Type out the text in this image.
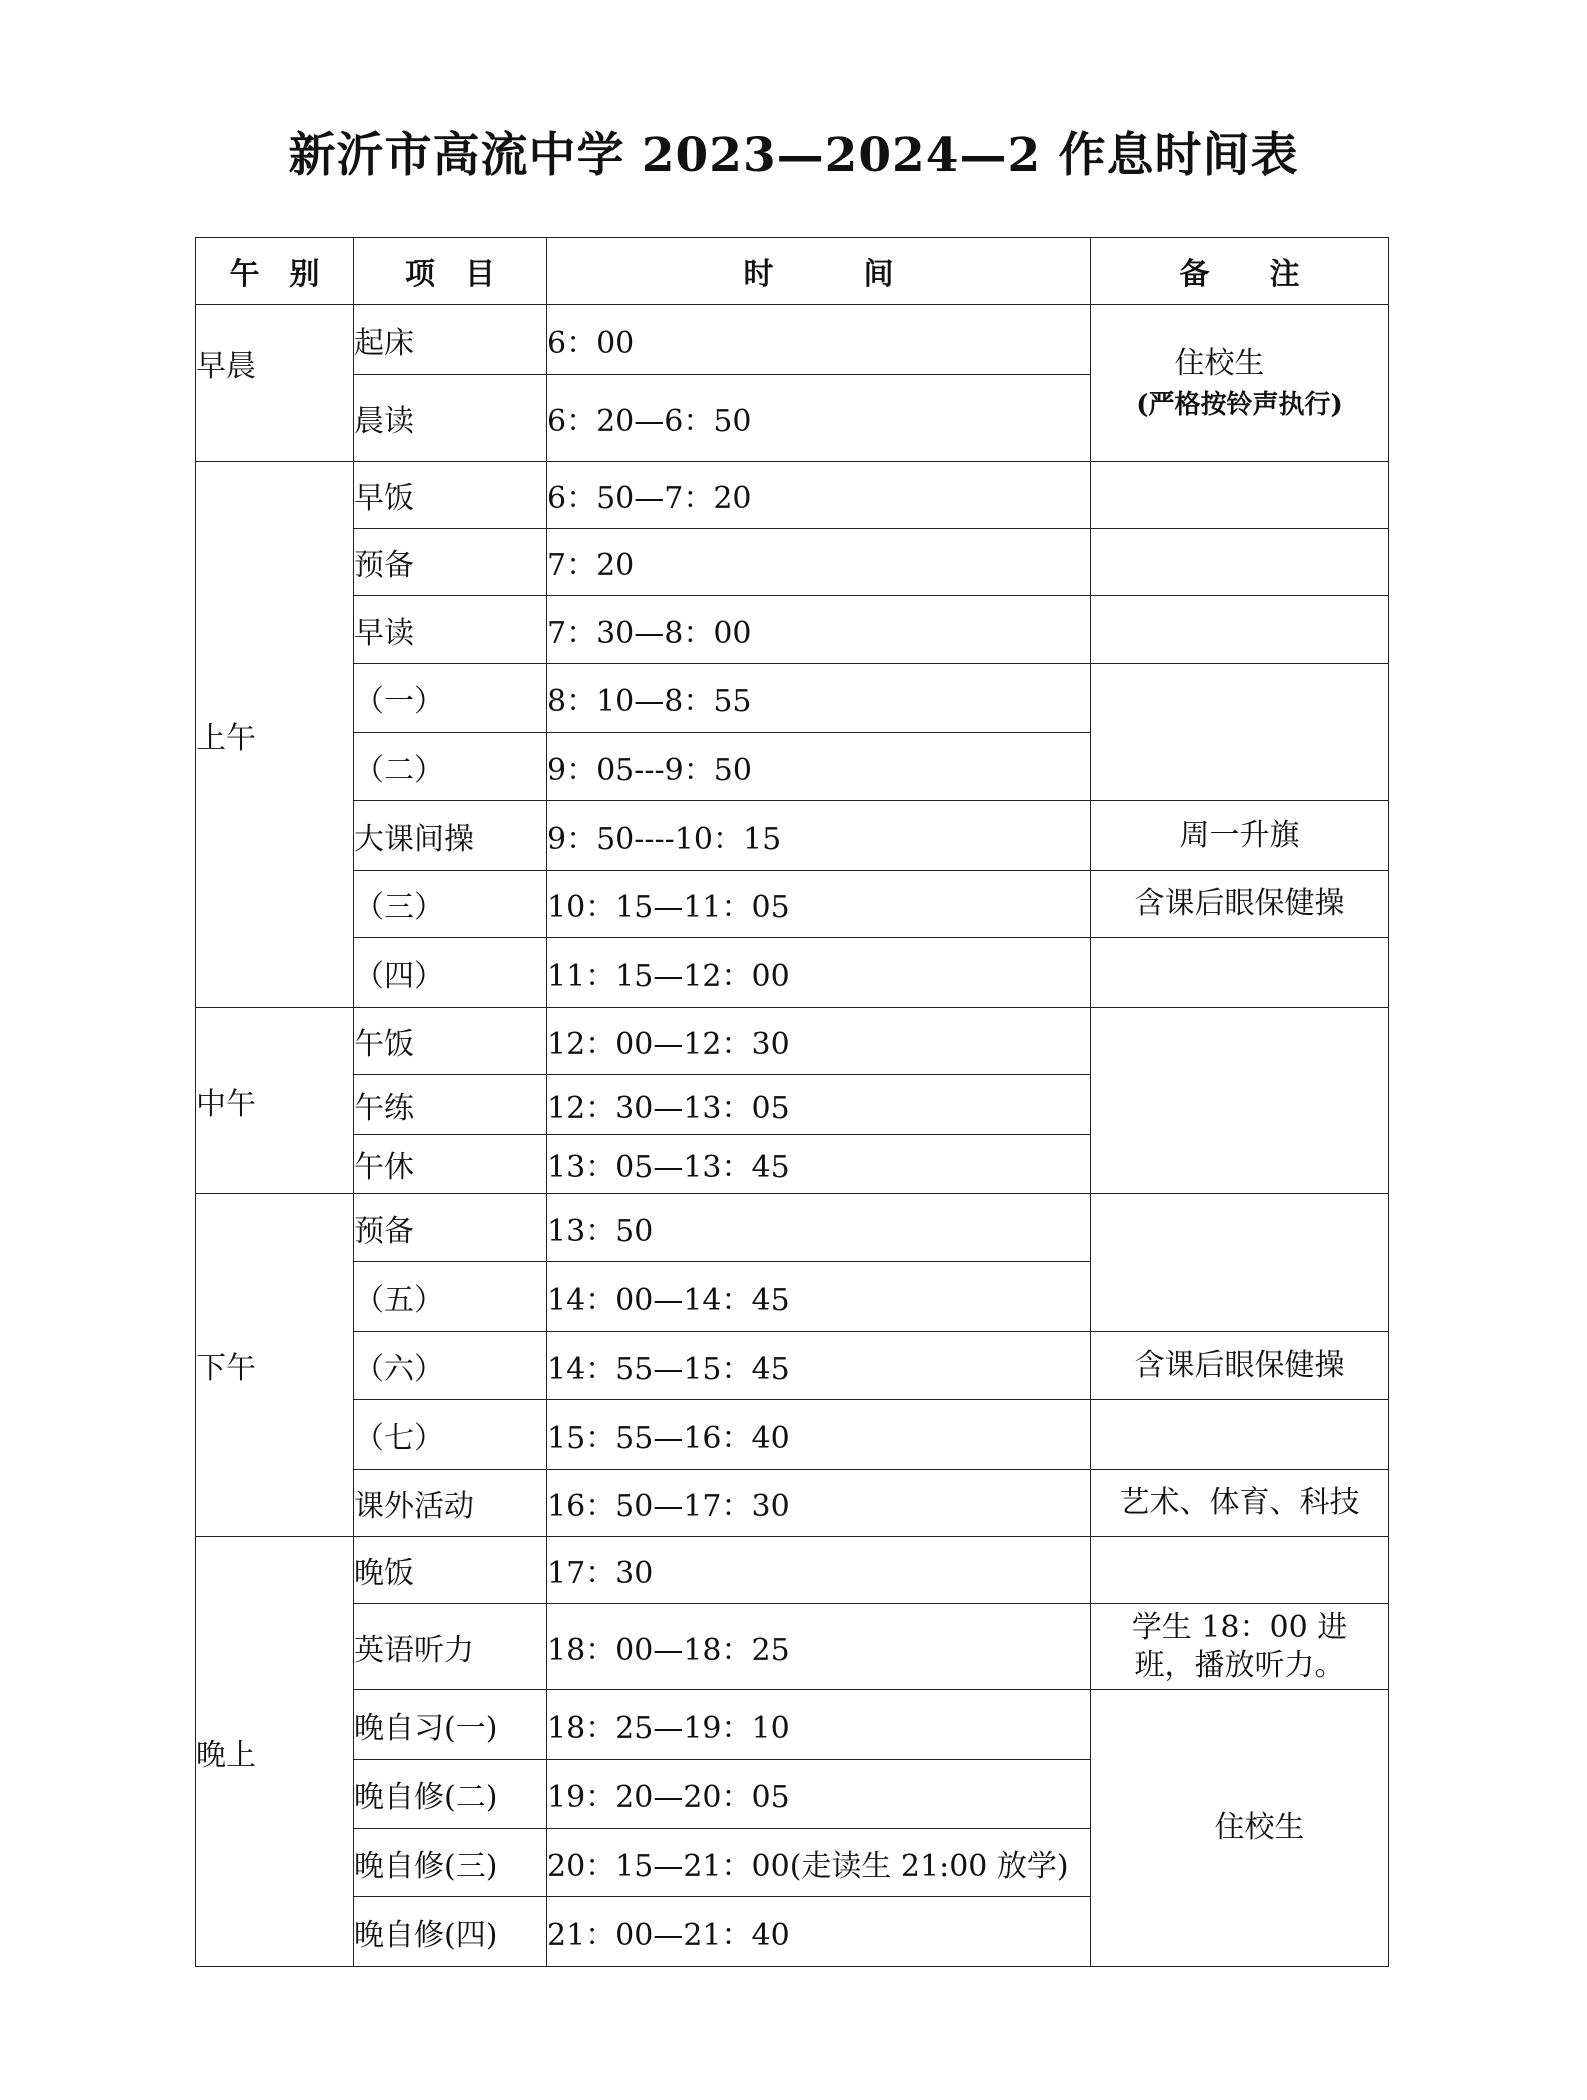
新沂市高流中学 2023—2024—2 作息时间表
午　别	项　目	时　　　间	备　　注
早晨	起床	6：00	住校生
(严格按铃声执行)

	晨读	6：20—6：50	
上午	早饭	6：50—7：20	
	预备	7：20	
	早读	7：30—8：00	
	（一）	8：10—8：55	
	（二）	9：05---9：50	
	大课间操	9：50----10：15	周一升旗
	（三）	10：15—11：05	含课后眼保健操
	（四）	11：15—12：00	
中午	午饭	12：00—12：30	
	午练	12：30—13：05	
	午休	13：05—13：45	
下午	预备	13：50	
	（五）	14：00—14：45	
	（六）	14：55—15：45	含课后眼保健操
	（七）	15：55—16：40	
	课外活动	16：50—17：30	艺术、体育、科技
晚上	晚饭	17：30	
	英语听力	18：00—18：25	学生 18：00 进班，播放听力。
	晚自习(一)	18：25—19：10	住校生
	晚自修(二)	19：20—20：05	
	晚自修(三)	20：15—21：00(走读生 21:00 放学)	
	晚自修(四)	21：00—21：40	
